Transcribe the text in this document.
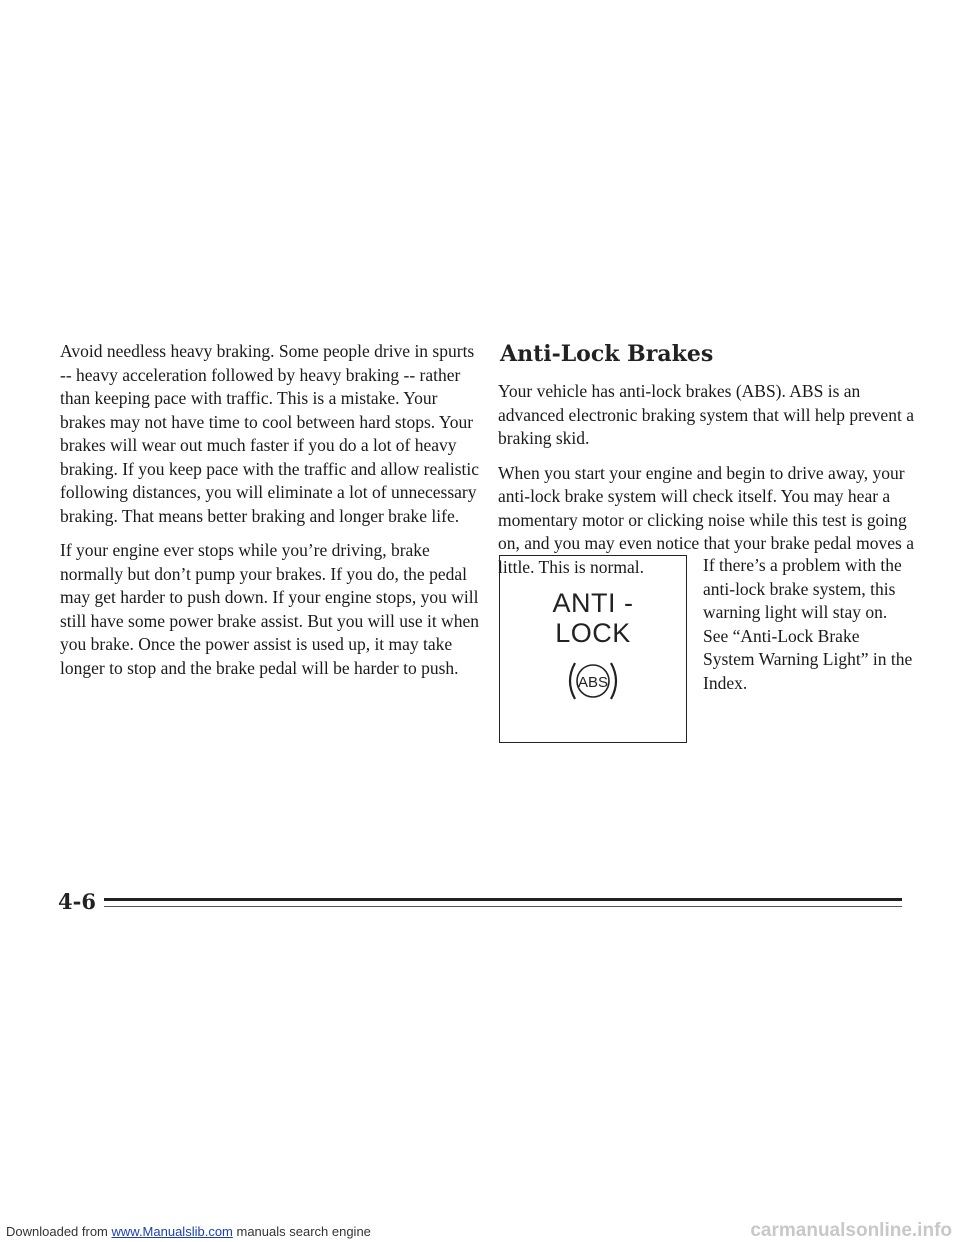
Avoid needless heavy braking. Some people drive in spurts -- heavy acceleration followed by heavy braking -- rather than keeping pace with traffic. This is a mistake. Your brakes may not have time to cool between hard stops. Your brakes will wear out much faster if you do a lot of heavy braking. If you keep pace with the traffic and allow realistic following distances, you will eliminate a lot of unnecessary braking. That means better braking and longer brake life.

If your engine ever stops while you’re driving, brake normally but don’t pump your brakes. If you do, the pedal may get harder to push down. If your engine stops, you will still have some power brake assist. But you will use it when you brake. Once the power assist is used up, it may take longer to stop and the brake pedal will be harder to push.

Anti-Lock Brakes

Your vehicle has anti-lock brakes (ABS). ABS is an advanced electronic braking system that will help prevent a braking skid.

When you start your engine and begin to drive away, your anti-lock brake system will check itself. You may hear a momentary motor or clicking noise while this test is going on, and you may even notice that your brake pedal moves a little. This is normal.

ANTI -
LOCK
ABS
If there’s a problem with the anti-lock brake system, this warning light will stay on. See “Anti-Lock Brake System Warning Light” in the Index.
4-6
Downloaded from www.Manualslib.com manuals search engine	carmanualsonline.info
